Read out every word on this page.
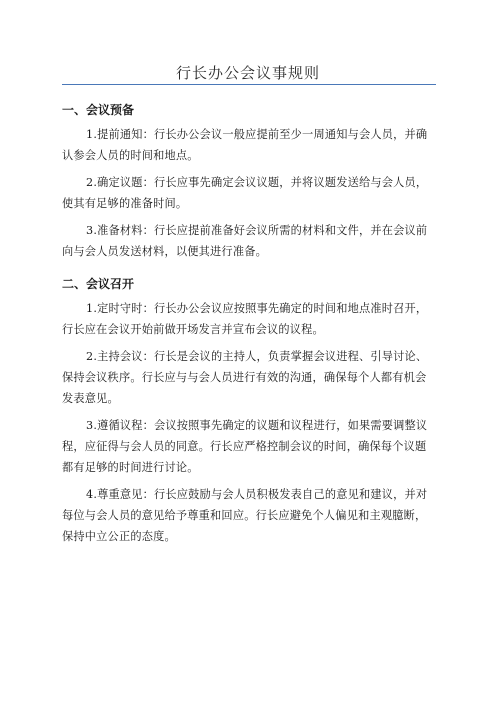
行长办公会议事规则

一、会议预备

1.提前通知：行长办公会议一般应提前至少一周通知与会人员，并确认参会人员的时间和地点。

2.确定议题：行长应事先确定会议议题，并将议题发送给与会人员，使其有足够的准备时间。

3.准备材料：行长应提前准备好会议所需的材料和文件，并在会议前向与会人员发送材料，以便其进行准备。

二、会议召开

1.定时守时：行长办公会议应按照事先确定的时间和地点准时召开，行长应在会议开始前做开场发言并宣布会议的议程。

2.主持会议：行长是会议的主持人，负责掌握会议进程、引导讨论、保持会议秩序。行长应与与会人员进行有效的沟通，确保每个人都有机会发表意见。

3.遵循议程：会议按照事先确定的议题和议程进行，如果需要调整议程，应征得与会人员的同意。行长应严格控制会议的时间，确保每个议题都有足够的时间进行讨论。

4.尊重意见：行长应鼓励与会人员积极发表自己的意见和建议，并对每位与会人员的意见给予尊重和回应。行长应避免个人偏见和主观臆断，保持中立公正的态度。
